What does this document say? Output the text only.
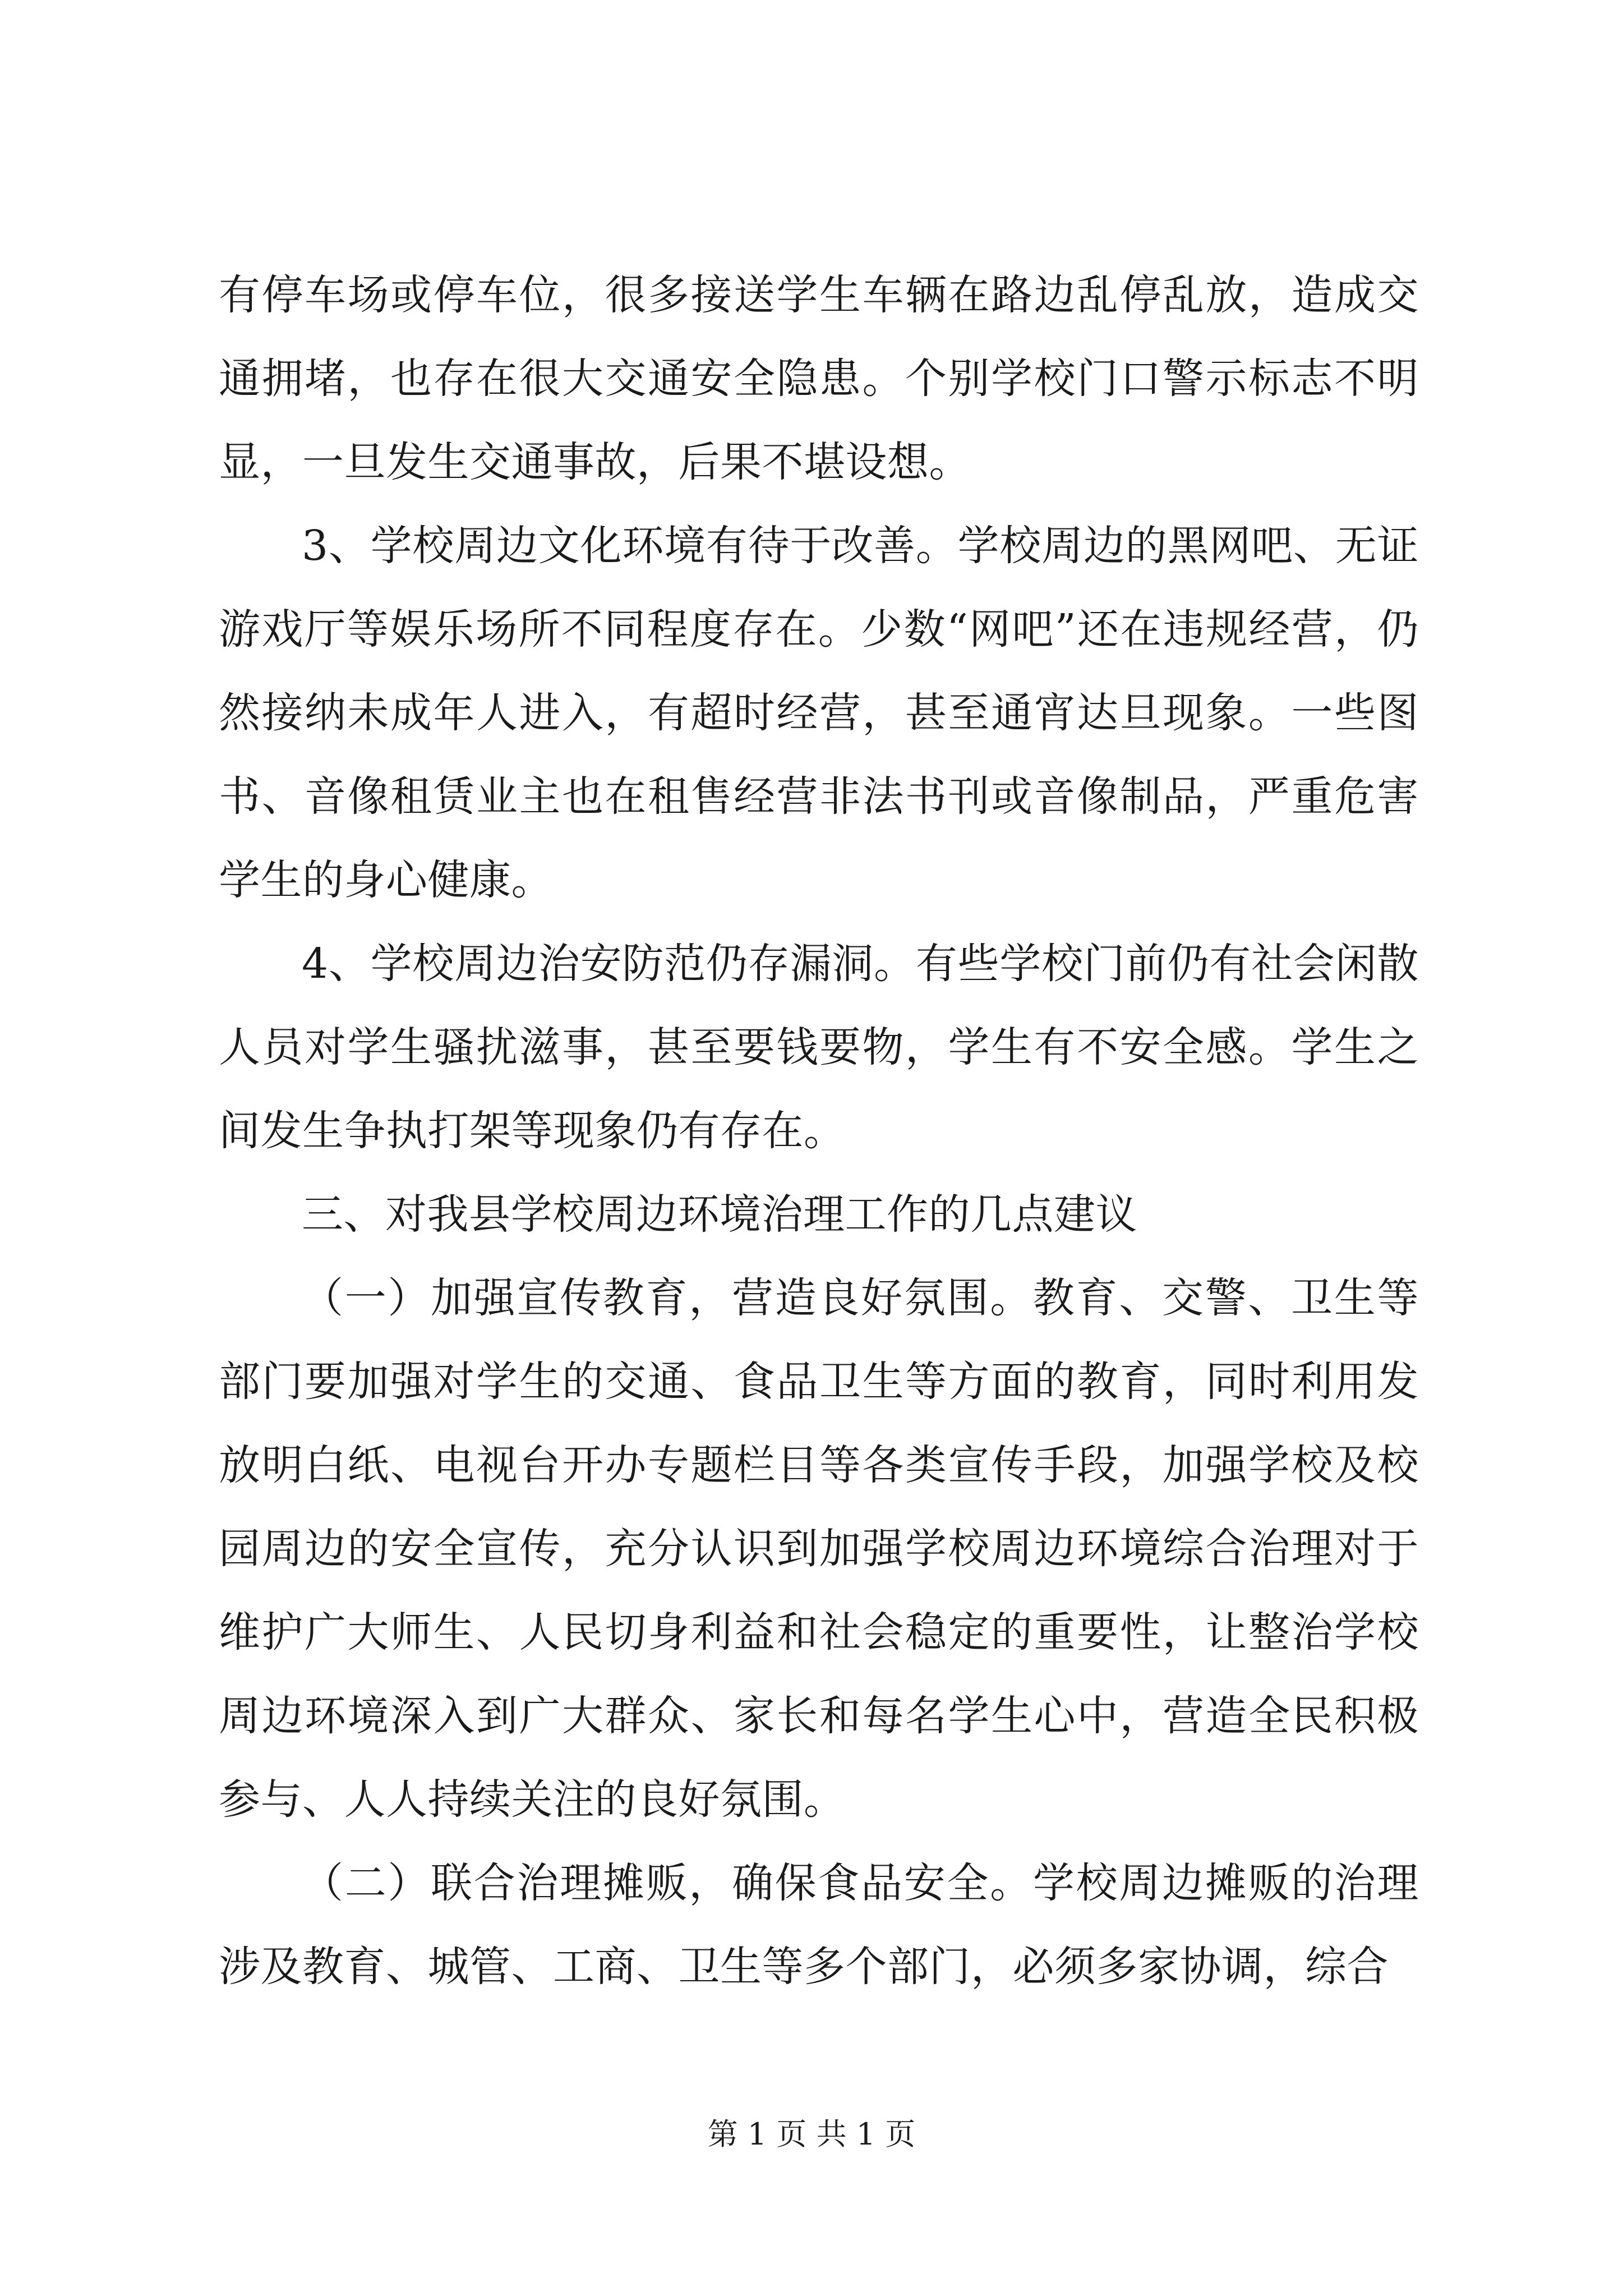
有停车场或停车位，很多接送学生车辆在路边乱停乱放，造成交通拥堵，也存在很大交通安全隐患。个别学校门口警示标志不明显，一旦发生交通事故，后果不堪设想。

3、学校周边文化环境有待于改善。学校周边的黑网吧、无证游戏厅等娱乐场所不同程度存在。少数“网吧”还在违规经营，仍然接纳未成年人进入，有超时经营，甚至通宵达旦现象。一些图书、音像租赁业主也在租售经营非法书刊或音像制品，严重危害学生的身心健康。

4、学校周边治安防范仍存漏洞。有些学校门前仍有社会闲散人员对学生骚扰滋事，甚至要钱要物，学生有不安全感。学生之间发生争执打架等现象仍有存在。

三、对我县学校周边环境治理工作的几点建议

（一）加强宣传教育，营造良好氛围。教育、交警、卫生等部门要加强对学生的交通、食品卫生等方面的教育，同时利用发放明白纸、电视台开办专题栏目等各类宣传手段，加强学校及校园周边的安全宣传，充分认识到加强学校周边环境综合治理对于维护广大师生、人民切身利益和社会稳定的重要性，让整治学校周边环境深入到广大群众、家长和每名学生心中，营造全民积极参与、人人持续关注的良好氛围。

（二）联合治理摊贩，确保食品安全。学校周边摊贩的治理涉及教育、城管、工商、卫生等多个部门，必须多家协调，综合

第 1 页 共 1 页
